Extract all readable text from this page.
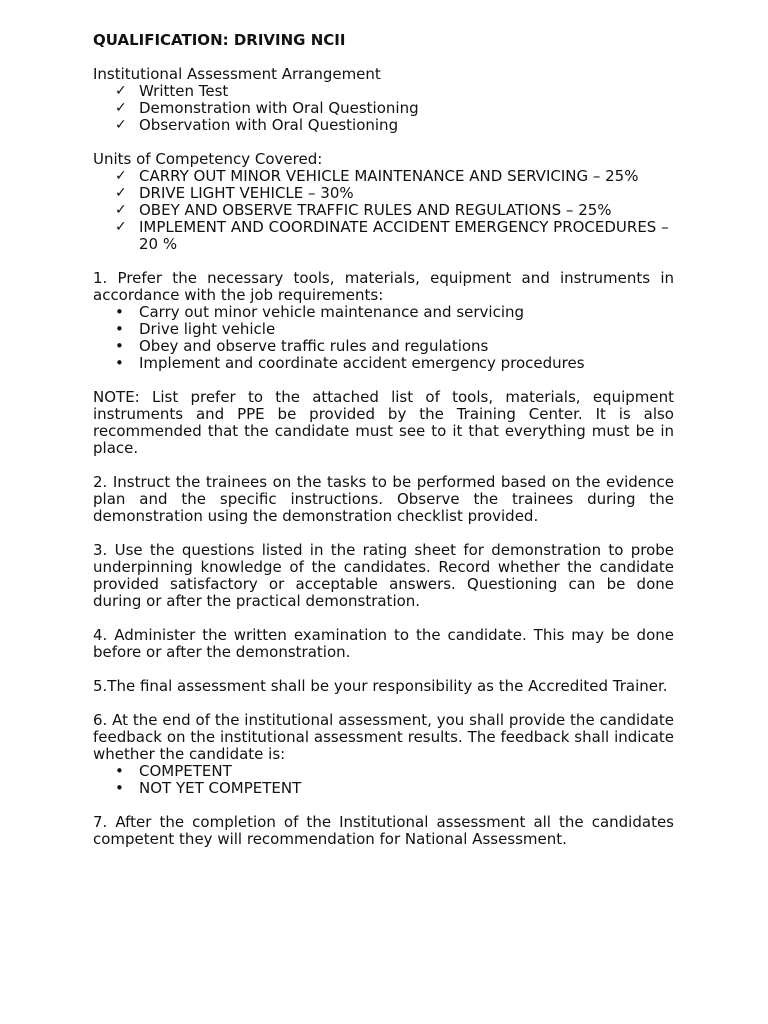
QUALIFICATION: DRIVING NCII

Institutional Assessment Arrangement

✓ Written Test
✓ Demonstration with Oral Questioning
✓ Observation with Oral Questioning

Units of Competency Covered:

✓ CARRY OUT MINOR VEHICLE MAINTENANCE AND SERVICING – 25%
✓ DRIVE LIGHT VEHICLE – 30%
✓ OBEY AND OBSERVE TRAFFIC RULES AND REGULATIONS – 25%
✓ IMPLEMENT AND COORDINATE ACCIDENT EMERGENCY PROCEDURES – 20 %

1. Prefer the necessary tools, materials, equipment and instruments in accordance with the job requirements:

• Carry out minor vehicle maintenance and servicing
• Drive light vehicle
• Obey and observe traffic rules and regulations
• Implement and coordinate accident emergency procedures

NOTE: List prefer to the attached list of tools, materials, equipment instruments and PPE be provided by the Training Center. It is also recommended that the candidate must see to it that everything must be in place.

2. Instruct the trainees on the tasks to be performed based on the evidence plan and the specific instructions. Observe the trainees during the demonstration using the demonstration checklist provided.

3. Use the questions listed in the rating sheet for demonstration to probe underpinning knowledge of the candidates. Record whether the candidate provided satisfactory or acceptable answers. Questioning can be done during or after the practical demonstration.

4. Administer the written examination to the candidate. This may be done before or after the demonstration.

5.The final assessment shall be your responsibility as the Accredited Trainer.

6. At the end of the institutional assessment, you shall provide the candidate feedback on the institutional assessment results. The feedback shall indicate whether the candidate is:

• COMPETENT
• NOT YET COMPETENT

7. After the completion of the Institutional assessment all the candidates competent they will recommendation for National Assessment.
